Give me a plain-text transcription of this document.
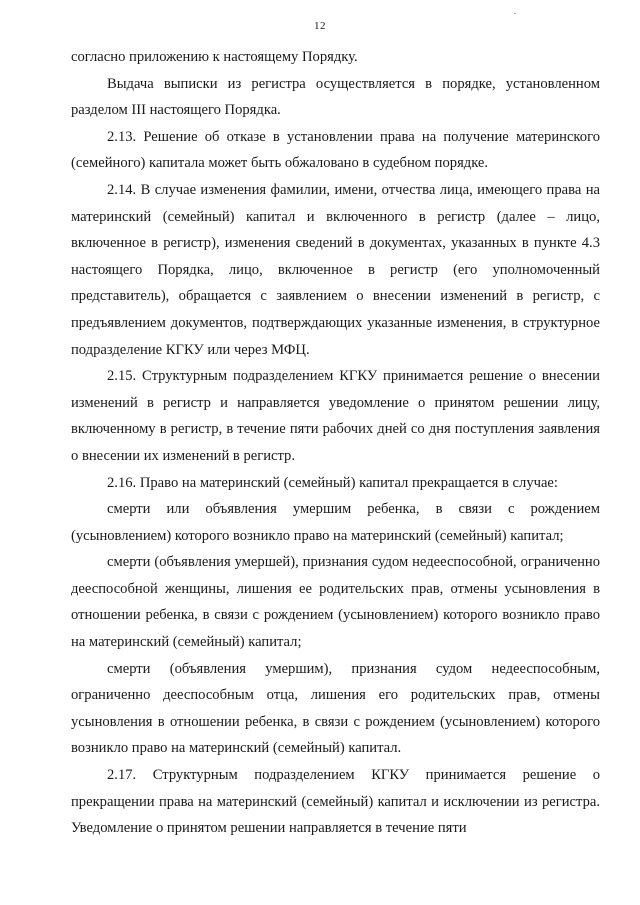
12
.

согласно приложению к настоящему Порядку.

Выдача выписки из регистра осуществляется в порядке, установленном разделом III настоящего Порядка.

2.13. Решение об отказе в установлении права на получение материнского (семейного) капитала может быть обжаловано в судебном порядке.

2.14. В случае изменения фамилии, имени, отчества лица, имеющего права на материнский (семейный) капитал и включенного в регистр (далее – лицо, включенное в регистр), изменения сведений в документах, указанных в пункте 4.3 настоящего Порядка, лицо, включенное в регистр (его уполномоченный представитель), обращается с заявлением о внесении изменений в регистр, с предъявлением документов, подтверждающих указанные изменения, в структурное подразделение КГКУ или через МФЦ.

2.15. Структурным подразделением КГКУ принимается решение о внесении изменений в регистр и направляется уведомление о принятом решении лицу, включенному в регистр, в течение пяти рабочих дней со дня поступления заявления о внесении их изменений в регистр.

2.16. Право на материнский (семейный) капитал прекращается в случае:

смерти или объявления умершим ребенка, в связи с рождением (усыновлением) которого возникло право на материнский (семейный) капитал;

смерти (объявления умершей), признания судом недееспособной, ограниченно дееспособной женщины, лишения ее родительских прав, отмены усыновления в отношении ребенка, в связи с рождением (усыновлением) которого возникло право на материнский (семейный) капитал;

смерти (объявления умершим), признания судом недееспособным, ограниченно дееспособным отца, лишения его родительских прав, отмены усыновления в отношении ребенка, в связи с рождением (усыновлением) которого возникло право на материнский (семейный) капитал.

2.17. Структурным подразделением КГКУ принимается решение о прекращении права на материнский (семейный) капитал и исключении из регистра. Уведомление о принятом решении направляется в течение пяти
